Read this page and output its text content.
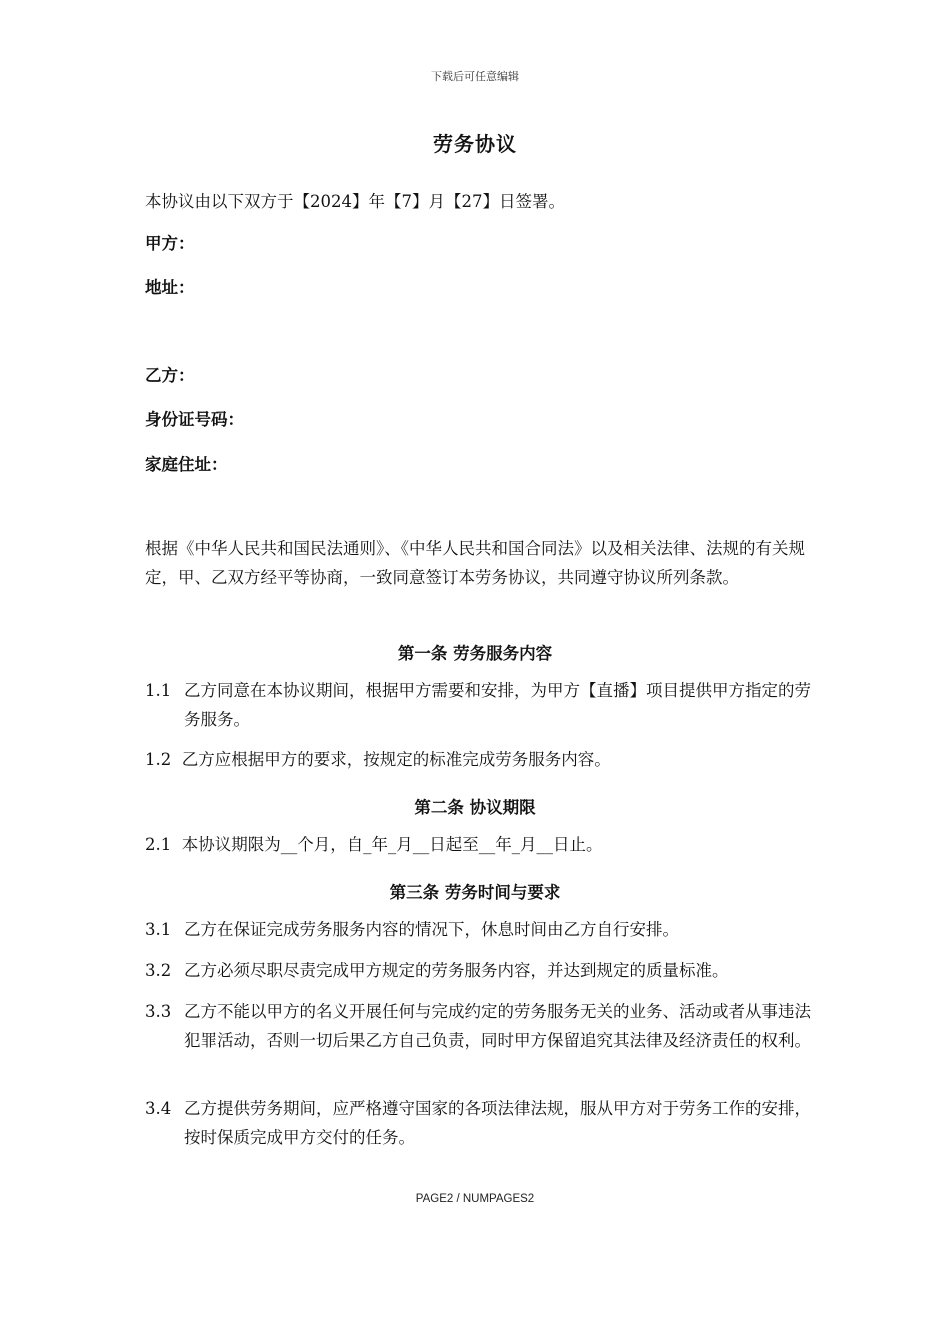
下载后可任意编辑
劳务协议
本协议由以下双方于【2024】年【7】月【27】日签署。
甲方：
地址：
乙方：
身份证号码：
家庭住址：
根据《中华人民共和国民法通则》、《中华人民共和国合同法》以及相关法律、法规的有关规定，甲、乙双方经平等协商，一致同意签订本劳务协议，共同遵守协议所列条款。
第一条 劳务服务内容
1.1 乙方同意在本协议期间，根据甲方需要和安排，为甲方【直播】项目提供甲方指定的劳务服务。
1.2 乙方应根据甲方的要求，按规定的标准完成劳务服务内容。
第二条 协议期限
2.1 本协议期限为__个月，自_年_月__日起至__年_月__日止。
第三条 劳务时间与要求
3.1 乙方在保证完成劳务服务内容的情况下，休息时间由乙方自行安排。
3.2 乙方必须尽职尽责完成甲方规定的劳务服务内容，并达到规定的质量标准。
3.3 乙方不能以甲方的名义开展任何与完成约定的劳务服务无关的业务、活动或者从事违法犯罪活动，否则一切后果乙方自己负责，同时甲方保留追究其法律及经济责任的权利。
3.4 乙方提供劳务期间，应严格遵守国家的各项法律法规，服从甲方对于劳务工作的安排，按时保质完成甲方交付的任务。
PAGE2 / NUMPAGES2
